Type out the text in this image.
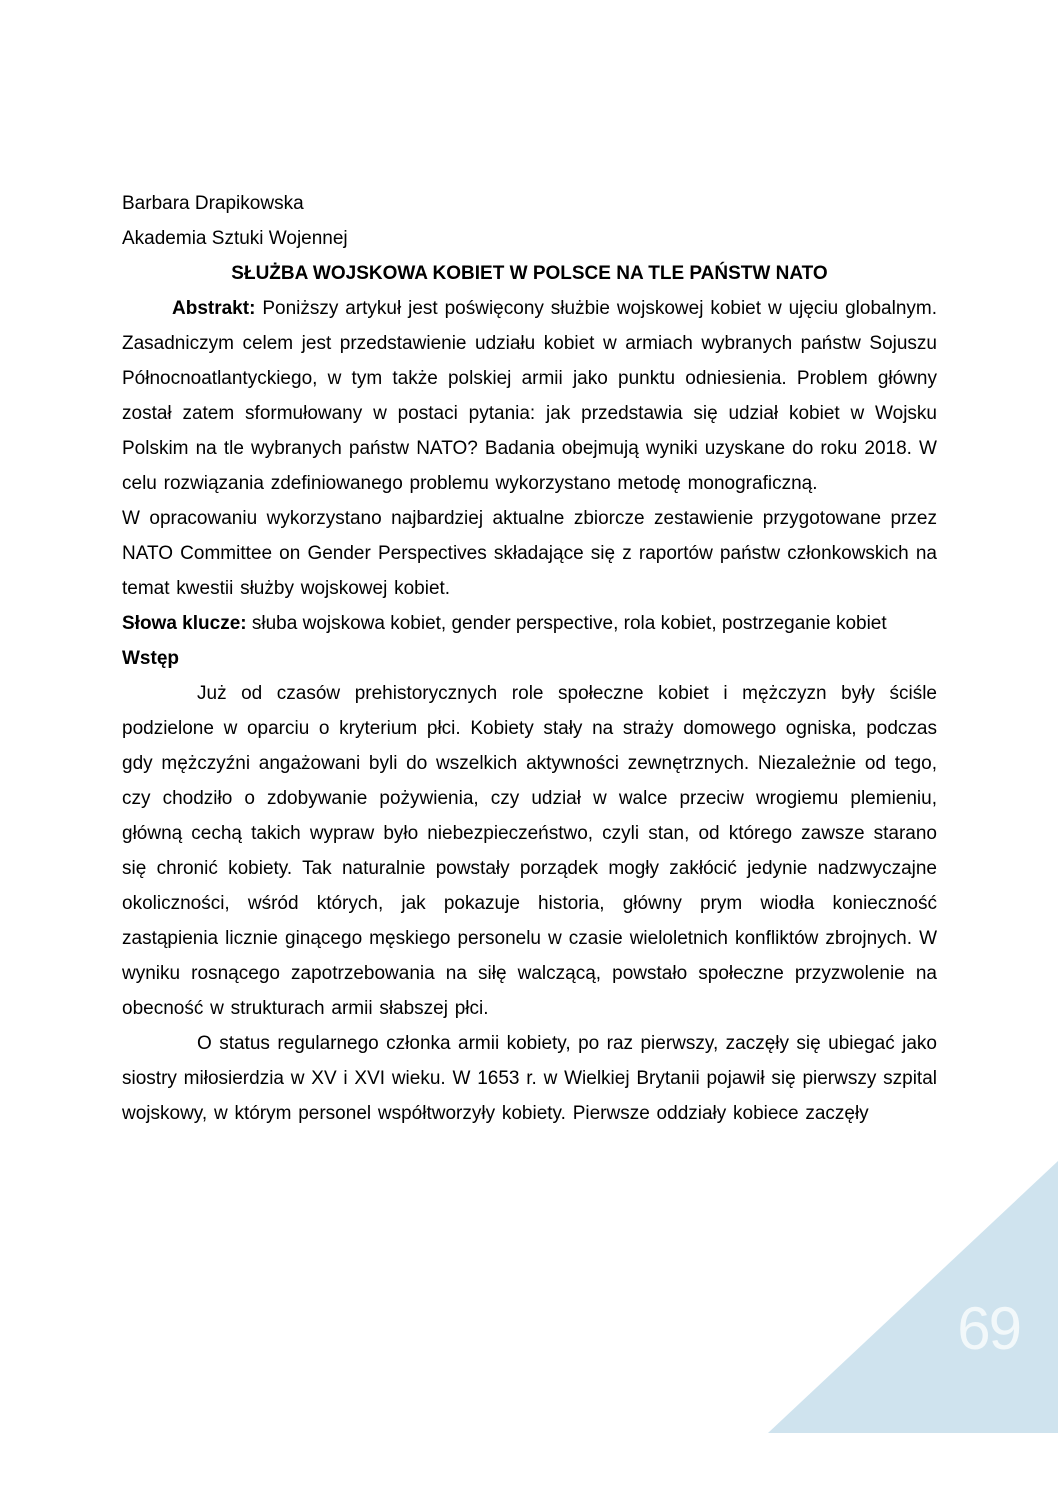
Barbara Drapikowska

Akademia Sztuki Wojennej

SŁUŻBA WOJSKOWA KOBIET W POLSCE NA TLE PAŃSTW NATO

Abstrakt: Poniższy artykuł jest poświęcony służbie wojskowej kobiet w ujęciu globalnym. Zasadniczym celem jest przedstawienie udziału kobiet w armiach wybranych państw Sojuszu Północnoatlantyckiego, w tym także polskiej armii jako punktu odniesienia. Problem główny został zatem sformułowany w postaci pytania: jak przedstawia się udział kobiet w Wojsku Polskim na tle wybranych państw NATO? Badania obejmują wyniki uzyskane do roku 2018. W celu rozwiązania zdefiniowanego problemu wykorzystano metodę monograficzną.

W opracowaniu wykorzystano najbardziej aktualne zbiorcze zestawienie przygotowane przez NATO Committee on Gender Perspectives składające się z raportów państw członkowskich na temat kwestii służby wojskowej kobiet.

Słowa klucze: słuba wojskowa kobiet, gender perspective, rola kobiet, postrzeganie kobiet

Wstęp

Już od czasów prehistorycznych role społeczne kobiet i mężczyzn były ściśle podzielone w oparciu o kryterium płci. Kobiety stały na straży domowego ogniska, podczas gdy mężczyźni angażowani byli do wszelkich aktywności zewnętrznych. Niezależnie od tego, czy chodziło o zdobywanie pożywienia, czy udział w walce przeciw wrogiemu plemieniu, główną cechą takich wypraw było niebezpieczeństwo, czyli stan, od którego zawsze starano się chronić kobiety. Tak naturalnie powstały porządek mogły zakłócić jedynie nadzwyczajne okoliczności, wśród których, jak pokazuje historia, główny prym wiodła konieczność zastąpienia licznie ginącego męskiego personelu w czasie wieloletnich konfliktów zbrojnych. W wyniku rosnącego zapotrzebowania na siłę walczącą, powstało społeczne przyzwolenie na obecność w strukturach armii słabszej płci.

O status regularnego członka armii kobiety, po raz pierwszy, zaczęły się ubiegać jako siostry miłosierdzia w XV i XVI wieku. W 1653 r. w Wielkiej Brytanii pojawił się pierwszy szpital wojskowy, w którym personel współtworzyły kobiety. Pierwsze oddziały kobiece zaczęły

69
